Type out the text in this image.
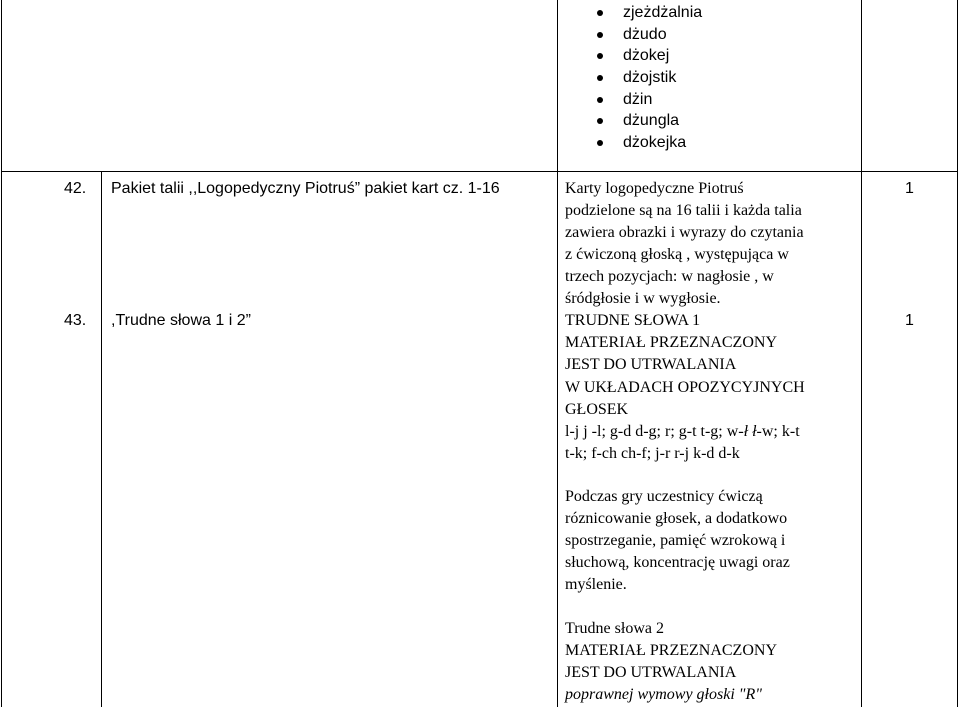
zjeżdżalnia
dżudo
dżokej
dżojstik
dżin
dżungla
dżokejka
42. Pakiet talii ,,Logopedyczny Piotruś” pakiet kart cz. 1-16	Karty logopedyczne Piotruś
podzielone są na 16 talii i każda talia
zawiera obrazki i wyrazy do czytania
z ćwiczoną głoską , występująca w
trzech pozycjach: w nagłosie , w
śródgłosie i w wygłosie.
1
43. ,Trudne słowa 1 i 2”	TRUDNE SŁOWA 1
MATERIAŁ PRZEZNACZONY
JEST DO UTRWALANIA
W UKŁADACH OPOZYCYJNYCH
GŁOSEK
l-j j -l; g-d d-g; r; g-t t-g; w-ł ł-w; k-t
t-k; f-ch ch-f; j-r r-j k-d d-k
Podczas gry uczestnicy ćwiczą
róznicowanie głosek, a dodatkowo
spostrzeganie, pamięć wzrokową i
słuchową, koncentrację uwagi oraz
myślenie.
Trudne słowa 2
MATERIAŁ PRZEZNACZONY
JEST DO UTRWALANIA
poprawnej wymowy głoski "R"
1
